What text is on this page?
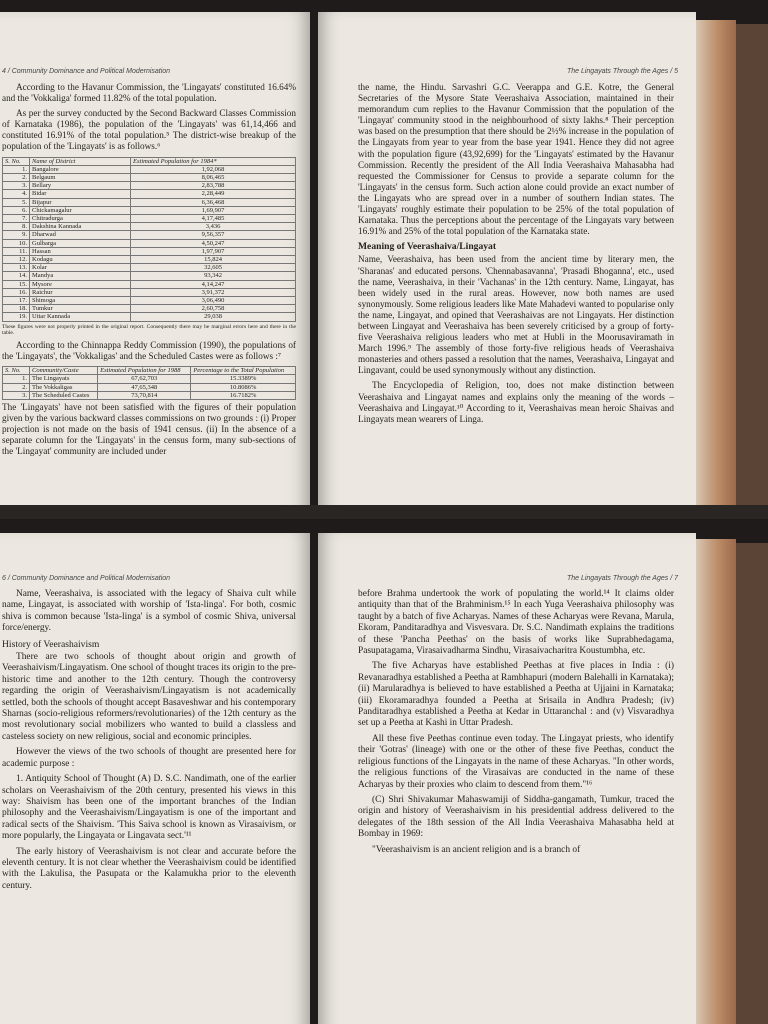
4 / Community Dominance and Political Modernisation

According to the Havanur Commission, the 'Lingayats' constituted 16.64% and the 'Vokkaliga' formed 11.82% of the total population.

As per the survey conducted by the Second Backward Classes Commission of Karnataka (1986), the population of the 'Lingayats' was 61,14,466 and constituted 16.91% of the total population.⁵ The district-wise breakup of the population of the 'Lingayats' is as follows.⁶

S. No.	Name of District	Estimated Population for 1984*
1.	Bangalore	1,92,068
2.	Belgaum	8,06,465
3.	Bellary	2,83,788
4.	Bidar	2,28,449
5.	Bijapur	6,36,468
6.	Chickamagalur	1,69,907
7.	Chitradurga	4,17,485
8.	Dakshina Kannada	3,436
9.	Dharwad	9,56,357
10.	Gulbarga	4,50,247
11.	Hassan	1,97,907
12.	Kodagu	15,824
13.	Kolar	32,605
14.	Mandya	93,342
15.	Mysore	4,14,247
16.	Raichur	3,91,372
17.	Shimoga	3,06,490
18.	Tumkur	2,60,758
19.	Uttar Kannada	29,038
These figures were not properly printed in the original report. Consequently there may be marginal errors here and there in the table.

According to the Chinnappa Reddy Commission (1990), the populations of the 'Lingayats', the 'Vokkaligas' and the Scheduled Castes were as follows :⁷

S. No.	Community/Caste	Estimated Population for 1988	Percentage to the Total Population
1.	The Lingayats	67,62,703	15.3389%
2.	The Vokkaligas	47,65,348	10.8086%
3.	The Scheduled Castes	73,70,814	16.7182%

The 'Lingayats' have not been satisfied with the figures of their population given by the various backward classes commissions on two grounds : (i) Proper projection is not made on the basis of 1941 census. (ii) In the absence of a separate column for the 'Lingayats' in the census form, many sub-sections of the 'Lingayat' community are included under

The Lingayats Through the Ages / 5

the name, the Hindu. Sarvashri G.C. Veerappa and G.E. Kotre, the General Secretaries of the Mysore State Veerashaiva Association, maintained in their memorandum cum replies to the Havanur Commission that the population of the 'Lingayat' community stood in the neighbourhood of sixty lakhs.⁸ Their perception was based on the presumption that there should be 2½% increase in the population of the Lingayats from year to year from the base year 1941. Hence they did not agree with the population figure (43,92,699) for the 'Lingayats' estimated by the Havanur Commission. Recently the president of the All India Veerashaiva Mahasabha had requested the Commissioner for Census to provide a separate column for the 'Lingayats' in the census form. Such action alone could provide an exact number of the Lingayats who are spread over in a number of southern Indian states. The 'Lingayats' roughly estimate their population to be 25% of the total population of Karnataka. Thus the perceptions about the percentage of the Lingayats vary between 16.91% and 25% of the total population of the Karnataka state.

Meaning of Veerashaiva/Lingayat

Name, Veerashaiva, has been used from the ancient time by literary men, the 'Sharanas' and educated persons. 'Chennabasavanna', 'Prasadi Bhoganna', etc., used the name, Veerashaiva, in their 'Vachanas' in the 12th century. Name, Lingayat, has been widely used in the rural areas. However, now both names are used synonymously. Some religious leaders like Mate Mahadevi wanted to popularise only the name, Lingayat, and opined that Veerashaivas are not Lingayats. Her distinction between Lingayat and Veerashaiva has been severely criticised by a group of forty-five Veerashaiva religious leaders who met at Hubli in the Moorusaviramath in March 1996.⁹ The assembly of those forty-five religious heads of Veerashaiva monasteries and others passed a resolution that the names, Veerashaiva, Lingayat and Lingavant, could be used synonymously without any distinction.

The Encyclopedia of Religion, too, does not make distinction between Veerashaiva and Lingayat names and explains only the meaning of the words – Veerashaiva and Lingayat.¹⁰ According to it, Veerashaivas mean heroic Shaivas and Lingayats mean wearers of Linga.

6 / Community Dominance and Political Modernisation

Name, Veerashaiva, is associated with the legacy of Shaiva cult while name, Lingayat, is associated with worship of 'Ista-linga'. For both, cosmic shiva is common because 'Ista-linga' is a symbol of cosmic Shiva, universal force/energy.

History of Veerashaivism

There are two schools of thought about origin and growth of Veerashaivism/Lingayatism. One school of thought traces its origin to the pre-historic time and another to the 12th century. Though the controversy regarding the origin of Veerashaivism/Lingayatism is not academically settled, both the schools of thought accept Basaveshwar and his contemporary Sharnas (socio-religious reformers/revolutionaries) of the 12th century as the most revolutionary social mobilizers who wanted to build a classless and casteless society on new religious, social and economic principles.

However the views of the two schools of thought are presented here for academic purpose :

1. Antiquity School of Thought (A) D. S.C. Nandimath, one of the earlier scholars on Veerashaivism of the 20th century, presented his views in this way: Shaivism has been one of the important branches of the Indian philosophy and the Veerashaivism/Lingayatism is one of the important and radical sects of the Shaivism. 'This Saiva school is known as Virasaivism, or more popularly, the Lingayata or Lingavata sect.'¹¹

The early history of Veerashaivism is not clear and accurate before the eleventh century. It is not clear whether the Veerashaivism could be identified with the Lakulisa, the Pasupata or the Kalamukha prior to the eleventh century.

The Lingayats Through the Ages / 7

before Brahma undertook the work of populating the world.¹⁴ It claims older antiquity than that of the Brahminism.¹⁵ In each Yuga Veerashaiva philosophy was taught by a batch of five Acharyas. Names of these Acharyas were Revana, Marula, Ekoram, Panditaradhya and Visvesvara. Dr. S.C. Nandimath explains the traditions of these 'Pancha Peethas' on the basis of works like Suprabhedagama, Pasupatagama, Virasaivadharma Sindhu, Virasaivacharitra Koustumbha, etc.

The five Acharyas have established Peethas at five places in India : (i) Revanaradhya established a Peetha at Rambhapuri (modern Balehalli in Karnataka); (ii) Marularadhya is believed to have established a Peetha at Ujjaini in Karnataka; (iii) Ekoramaradhya founded a Peetha at Srisaila in Andhra Pradesh; (iv) Panditaradhya established a Peetha at Kedar in Uttaranchal : and (v) Visvaradhya set up a Peetha at Kashi in Uttar Pradesh.

All these five Peethas continue even today. The Lingayat priests, who identify their 'Gotras' (lineage) with one or the other of these five Peethas, conduct the religious functions of the Lingayats in the name of these Acharyas. "In other words, the religious functions of the Virasaivas are conducted in the name of these Acharyas by their proxies who claim to descend from them."¹⁶

(C) Shri Shivakumar Mahaswamiji of Siddha-gangamath, Tumkur, traced the origin and history of Veerashaivism in his presidential address delivered to the delegates of the 18th session of the All India Veerashaiva Mahasabha held at Bombay in 1969:

"Veerashaivism is an ancient religion and is a branch of
